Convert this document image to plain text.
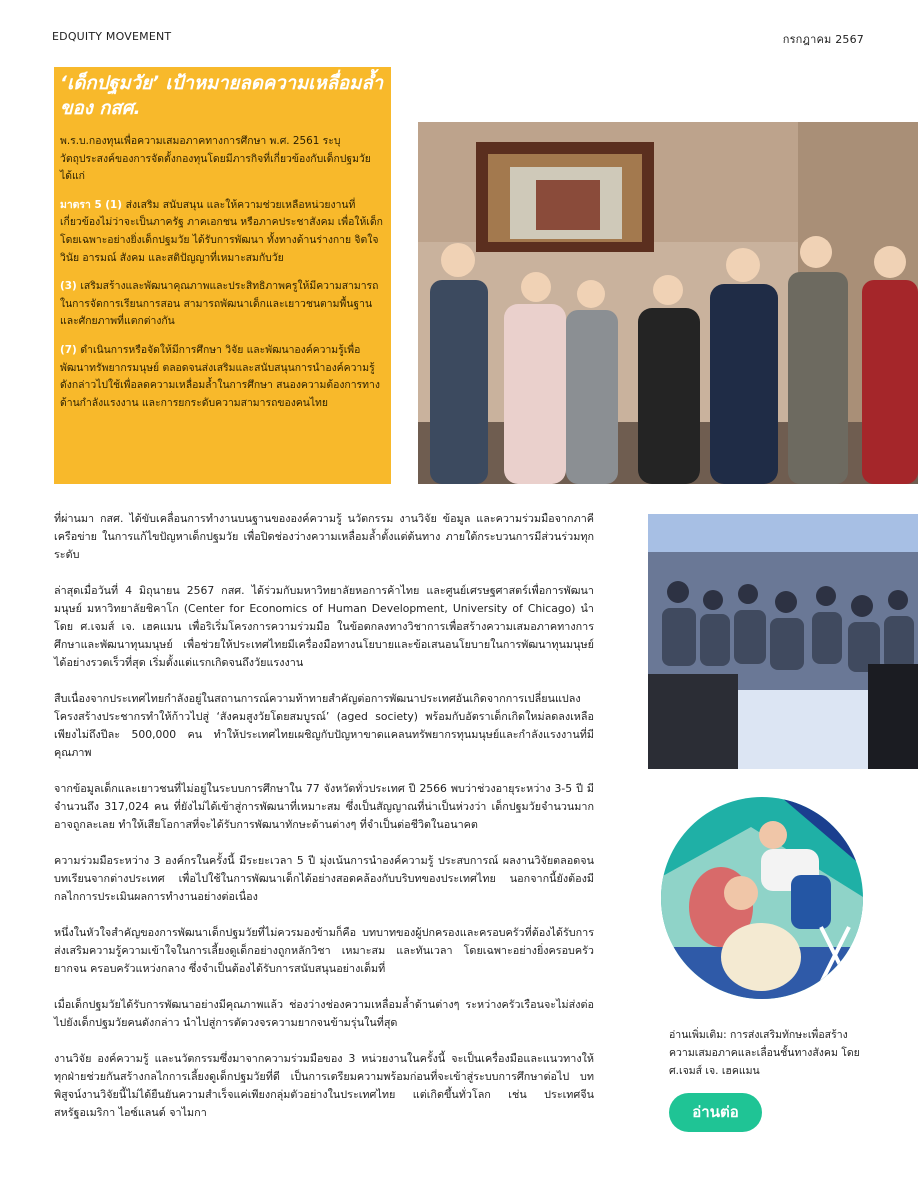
EDQUITY MOVEMENT	กรกฎาคม 2567
‘เด็กปฐมวัย’ เป้าหมายลดความเหลื่อมล้ำของ กสศ.

พ.ร.บ.กองทุนเพื่อความเสมอภาคทางการศึกษา พ.ศ. 2561 ระบุวัตถุประสงค์ของการจัดตั้งกองทุนโดยมีภารกิจที่เกี่ยวข้องกับเด็กปฐมวัย ได้แก่

มาตรา 5 (1) ส่งเสริม สนับสนุน และให้ความช่วยเหลือหน่วยงานที่เกี่ยวข้องไม่ว่าจะเป็นภาครัฐ ภาคเอกชน หรือภาคประชาสังคม เพื่อให้เด็ก โดยเฉพาะอย่างยิ่งเด็กปฐมวัย ได้รับการพัฒนา ทั้งทางด้านร่างกาย จิตใจ วินัย อารมณ์ สังคม และสติปัญญาที่เหมาะสมกับวัย

(3) เสริมสร้างและพัฒนาคุณภาพและประสิทธิภาพครูให้มีความสามารถในการจัดการเรียนการสอน สามารถพัฒนาเด็กและเยาวชนตามพื้นฐานและศักยภาพที่แตกต่างกัน

(7) ดำเนินการหรือจัดให้มีการศึกษา วิจัย และพัฒนาองค์ความรู้เพื่อพัฒนาทรัพยากรมนุษย์ ตลอดจนส่งเสริมและสนับสนุนการนำองค์ความรู้ดังกล่าวไปใช้เพื่อลดความเหลื่อมล้ำในการศึกษา สนองความต้องการทางด้านกำลังแรงงาน และการยกระดับความสามารถของคนไทย

ที่ผ่านมา กสศ. ได้ขับเคลื่อนการทำงานบนฐานขององค์ความรู้ นวัตกรรม งานวิจัย ข้อมูล และความร่วมมือจากภาคีเครือข่าย ในการแก้ไขปัญหาเด็กปฐมวัย เพื่อปิดช่องว่างความเหลื่อมล้ำตั้งแต่ต้นทาง ภายใต้กระบวนการมีส่วนร่วมทุกระดับ

ล่าสุดเมื่อวันที่ 4 มิถุนายน 2567 กสศ. ได้ร่วมกับมหาวิทยาลัยหอการค้าไทย และศูนย์เศรษฐศาสตร์เพื่อการพัฒนามนุษย์ มหาวิทยาลัยชิคาโก (Center for Economics of Human Development, University of Chicago) นำโดย ศ.เจมส์ เจ. เฮคแมน เพื่อริเริ่มโครงการความร่วมมือ ในข้อตกลงทางวิชาการเพื่อสร้างความเสมอภาคทางการศึกษาและพัฒนาทุนมนุษย์ เพื่อช่วยให้ประเทศไทยมีเครื่องมือทางนโยบายและข้อเสนอนโยบายในการพัฒนาทุนมนุษย์ได้อย่างรวดเร็วที่สุด เริ่มตั้งแต่แรกเกิดจนถึงวัยแรงงาน

สืบเนื่องจากประเทศไทยกำลังอยู่ในสถานการณ์ความท้าทายสำคัญต่อการพัฒนาประเทศอันเกิดจากการเปลี่ยนแปลงโครงสร้างประชากรทำให้ก้าวไปสู่ ‘สังคมสูงวัยโดยสมบูรณ์’ (aged society) พร้อมกับอัตราเด็กเกิดใหม่ลดลงเหลือเพียงไม่ถึงปีละ 500,000 คน ทำให้ประเทศไทยเผชิญกับปัญหาขาดแคลนทรัพยากรทุนมนุษย์และกำลังแรงงานที่มีคุณภาพ

จากข้อมูลเด็กและเยาวชนที่ไม่อยู่ในระบบการศึกษาใน 77 จังหวัดทั่วประเทศ ปี 2566 พบว่าช่วงอายุระหว่าง 3-5 ปี มีจำนวนถึง 317,024 คน ที่ยังไม่ได้เข้าสู่การพัฒนาที่เหมาะสม ซึ่งเป็นสัญญาณที่น่าเป็นห่วงว่า เด็กปฐมวัยจำนวนมากอาจถูกละเลย ทำให้เสียโอกาสที่จะได้รับการพัฒนาทักษะด้านต่างๆ ที่จำเป็นต่อชีวิตในอนาคต

ความร่วมมือระหว่าง 3 องค์กรในครั้งนี้ มีระยะเวลา 5 ปี มุ่งเน้นการนำองค์ความรู้ ประสบการณ์ ผลงานวิจัยตลอดจนบทเรียนจากต่างประเทศ เพื่อไปใช้ในการพัฒนาเด็กได้อย่างสอดคล้องกับบริบทของประเทศไทย นอกจากนี้ยังต้องมีกลไกการประเมินผลการทำงานอย่างต่อเนื่อง

หนึ่งในหัวใจสำคัญของการพัฒนาเด็กปฐมวัยที่ไม่ควรมองข้ามก็คือ บทบาทของผู้ปกครองและครอบครัวที่ต้องได้รับการส่งเสริมความรู้ความเข้าใจในการเลี้ยงดูเด็กอย่างถูกหลักวิชา เหมาะสม และทันเวลา โดยเฉพาะอย่างยิ่งครอบครัวยากจน ครอบครัวแหว่งกลาง ซึ่งจำเป็นต้องได้รับการสนับสนุนอย่างเต็มที่

เมื่อเด็กปฐมวัยได้รับการพัฒนาอย่างมีคุณภาพแล้ว ช่องว่างช่องความเหลื่อมล้ำด้านต่างๆ ระหว่างครัวเรือนจะไม่ส่งต่อไปยังเด็กปฐมวัยคนดังกล่าว นำไปสู่การตัดวงจรความยากจนข้ามรุ่นในที่สุด

งานวิจัย องค์ความรู้ และนวัตกรรมซึ่งมาจากความร่วมมือของ 3 หน่วยงานในครั้งนี้ จะเป็นเครื่องมือและแนวทางให้ทุกฝ่ายช่วยกันสร้างกลไกการเลี้ยงดูเด็กปฐมวัยที่ดี เป็นการเตรียมความพร้อมก่อนที่จะเข้าสู่ระบบการศึกษาต่อไป บทพิสูจน์งานวิจัยนี้ไม่ได้ยืนยันความสำเร็จแค่เพียงกลุ่มตัวอย่างในประเทศไทย แต่เกิดขึ้นทั่วโลก เช่น ประเทศจีน สหรัฐอเมริกา ไอซ์แลนด์ จาไมกา

อ่านเพิ่มเติม: การส่งเสริมทักษะเพื่อสร้างความเสมอภาคและเลื่อนชั้นทางสังคม โดย ศ.เจมส์ เจ. เฮคแมน
อ่านต่อ
